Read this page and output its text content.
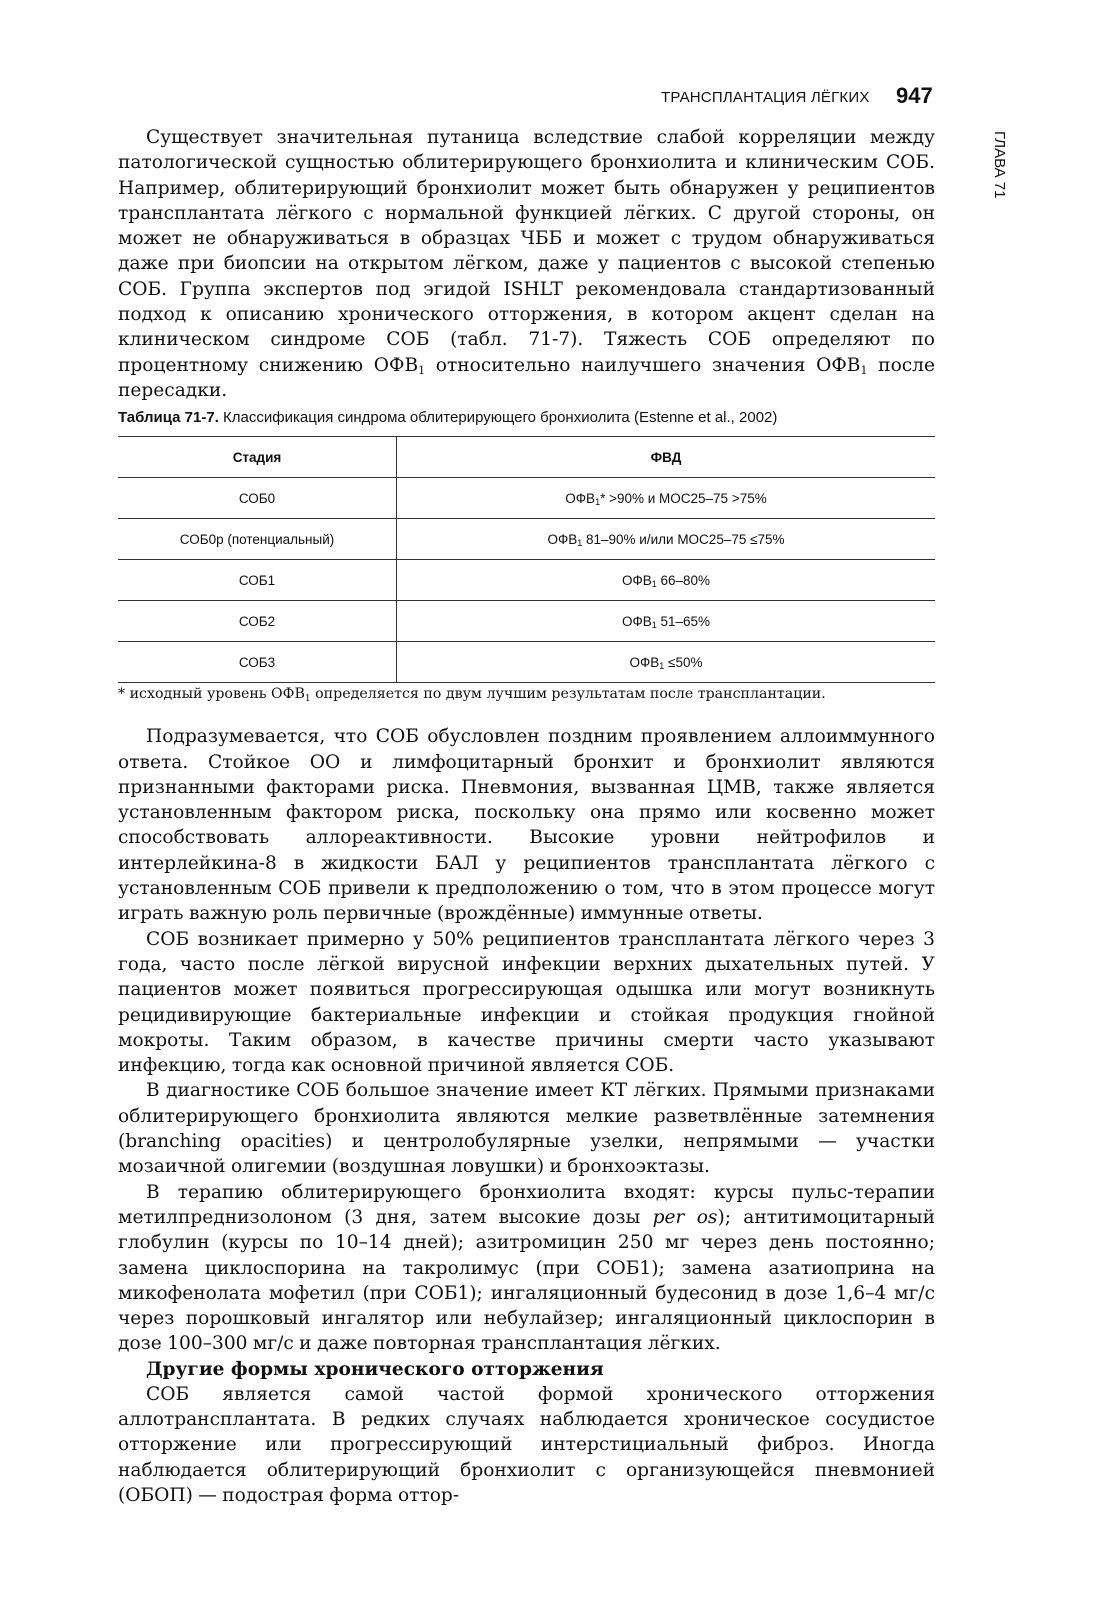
ТРАНСПЛАНТАЦИЯ ЛЁГКИХ 947
ГЛАВА 71

Существует значительная путаница вследствие слабой корреляции между патологической сущностью облитерирующего бронхиолита и клиническим СОБ. Например, облитерирующий бронхиолит может быть обнаружен у реципиентов трансплантата лёгкого с нормальной функцией лёгких. С другой стороны, он может не обнаруживаться в образцах ЧББ и может с трудом обнаруживаться даже при биопсии на открытом лёгком, даже у пациентов с высокой степенью СОБ. Группа экспертов под эгидой ISHLT рекомендовала стандартизованный подход к описанию хронического отторжения, в котором акцент сделан на клиническом синдроме СОБ (табл. 71-7). Тяжесть СОБ определяют по процентному снижению $ОФВ_1$ относительно наилучшего значения $ОФВ_1$ после пересадки.

Таблица 71-7. Классификация синдрома облитерирующего бронхиолита (Estenne et al., 2002)
Стадия	ФВД
СОБ0	$ОФВ_1* >90\%$ и МОС25–75 >75%
СОБ0р (потенциальный)	$ОФВ_1$ 81–90% и/или МОС25–75 ≤75%
СОБ1	$ОФВ_1$ 66–80%
СОБ2	$ОФВ_1$ 51–65%
СОБ3	$ОФВ_1 \le 50\%$
* исходный уровень $ОФВ_1$ определяется по двум лучшим результатам после трансплантации.

Подразумевается, что СОБ обусловлен поздним проявлением аллоиммунного ответа. Стойкое ОО и лимфоцитарный бронхит и бронхиолит являются признанными факторами риска. Пневмония, вызванная ЦМВ, также является установленным фактором риска, поскольку она прямо или косвенно может способствовать аллореактивности. Высокие уровни нейтрофилов и интерлейкина-8 в жидкости БАЛ у реципиентов трансплантата лёгкого с установленным СОБ привели к предположению о том, что в этом процессе могут играть важную роль первичные (врождённые) иммунные ответы.

СОБ возникает примерно у 50% реципиентов трансплантата лёгкого через 3 года, часто после лёгкой вирусной инфекции верхних дыхательных путей. У пациентов может появиться прогрессирующая одышка или могут возникнуть рецидивирующие бактериальные инфекции и стойкая продукция гнойной мокроты. Таким образом, в качестве причины смерти часто указывают инфекцию, тогда как основной причиной является СОБ.

В диагностике СОБ большое значение имеет КТ лёгких. Прямыми признаками облитерирующего бронхиолита являются мелкие разветвлённые затемнения (branching opacities) и центролобулярные узелки, непрямыми — участки мозаичной олигемии (воздушная ловушки) и бронхоэктазы.

В терапию облитерирующего бронхиолита входят: курсы пульс-терапии метилпреднизолоном (3 дня, затем высокие дозы per os); антитимоцитарный глобулин (курсы по 10–14 дней); азитромицин 250 мг через день постоянно; замена циклоспорина на такролимус (при СОБ1); замена азатиоприна на микофенолата мофетил (при СОБ1); ингаляционный будесонид в дозе 1,6–4 мг/с через порошковый ингалятор или небулайзер; ингаляционный циклоспорин в дозе 100–300 мг/с и даже повторная трансплантация лёгких.

Другие формы хронического отторжения

СОБ является самой частой формой хронического отторжения аллотрансплантата. В редких случаях наблюдается хроническое сосудистое отторжение или прогрессирующий интерстициальный фиброз. Иногда наблюдается облитерирующий бронхиолит с организующейся пневмонией (ОБОП) — подострая форма оттор-
